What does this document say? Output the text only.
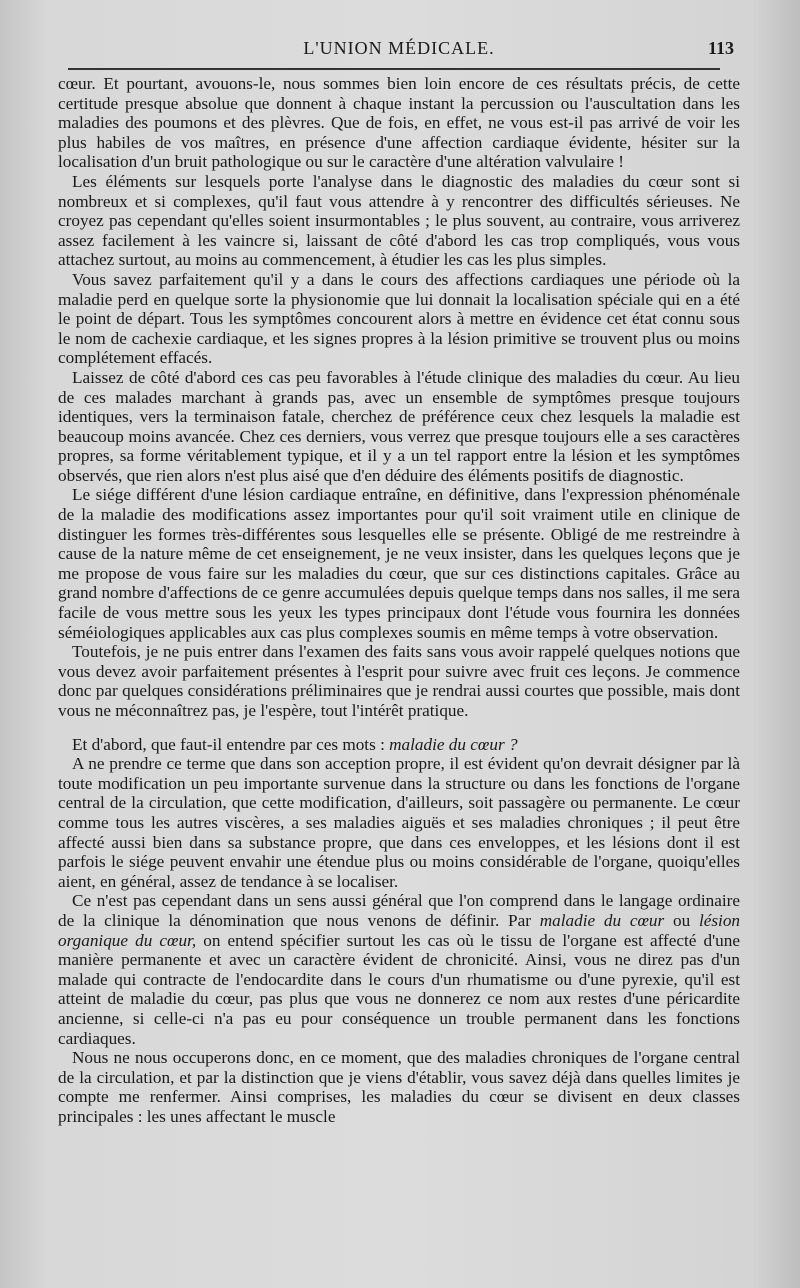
L'UNION MÉDICALE.	113

cœur. Et pourtant, avouons-le, nous sommes bien loin encore de ces résultats précis, de cette certitude presque absolue que donnent à chaque instant la percussion ou l'auscultation dans les maladies des poumons et des plèvres. Que de fois, en effet, ne vous est-il pas arrivé de voir les plus habiles de vos maîtres, en présence d'une affection cardiaque évidente, hésiter sur la localisation d'un bruit pathologique ou sur le caractère d'une altération valvulaire !

Les éléments sur lesquels porte l'analyse dans le diagnostic des maladies du cœur sont si nombreux et si complexes, qu'il faut vous attendre à y rencontrer des difficultés sérieuses. Ne croyez pas cependant qu'elles soient insurmontables ; le plus souvent, au contraire, vous arriverez assez facilement à les vaincre si, laissant de côté d'abord les cas trop compliqués, vous vous attachez surtout, au moins au commencement, à étudier les cas les plus simples.

Vous savez parfaitement qu'il y a dans le cours des affections cardiaques une période où la maladie perd en quelque sorte la physionomie que lui donnait la localisation spéciale qui en a été le point de départ. Tous les symptômes concourent alors à mettre en évidence cet état connu sous le nom de cachexie cardiaque, et les signes propres à la lésion primitive se trouvent plus ou moins complétement effacés.

Laissez de côté d'abord ces cas peu favorables à l'étude clinique des maladies du cœur. Au lieu de ces malades marchant à grands pas, avec un ensemble de symptômes presque toujours identiques, vers la terminaison fatale, cherchez de préférence ceux chez lesquels la maladie est beaucoup moins avancée. Chez ces derniers, vous verrez que presque toujours elle a ses caractères propres, sa forme véritablement typique, et il y a un tel rapport entre la lésion et les symptômes observés, que rien alors n'est plus aisé que d'en déduire des éléments positifs de diagnostic.

Le siége différent d'une lésion cardiaque entraîne, en définitive, dans l'expression phénoménale de la maladie des modifications assez importantes pour qu'il soit vraiment utile en clinique de distinguer les formes très-différentes sous lesquelles elle se présente. Obligé de me restreindre à cause de la nature même de cet enseignement, je ne veux insister, dans les quelques leçons que je me propose de vous faire sur les maladies du cœur, que sur ces distinctions capitales. Grâce au grand nombre d'affections de ce genre accumulées depuis quelque temps dans nos salles, il me sera facile de vous mettre sous les yeux les types principaux dont l'étude vous fournira les données séméiologiques applicables aux cas plus complexes soumis en même temps à votre observation.

Toutefois, je ne puis entrer dans l'examen des faits sans vous avoir rappelé quelques notions que vous devez avoir parfaitement présentes à l'esprit pour suivre avec fruit ces leçons. Je commence donc par quelques considérations préliminaires que je rendrai aussi courtes que possible, mais dont vous ne méconnaîtrez pas, je l'espère, tout l'intérêt pratique.

Et d'abord, que faut-il entendre par ces mots : maladie du cœur ?

A ne prendre ce terme que dans son acception propre, il est évident qu'on devrait désigner par là toute modification un peu importante survenue dans la structure ou dans les fonctions de l'organe central de la circulation, que cette modification, d'ailleurs, soit passagère ou permanente. Le cœur comme tous les autres viscères, a ses maladies aiguës et ses maladies chroniques ; il peut être affecté aussi bien dans sa substance propre, que dans ces enveloppes, et les lésions dont il est parfois le siége peuvent envahir une étendue plus ou moins considérable de l'organe, quoiqu'elles aient, en général, assez de tendance à se localiser.

Ce n'est pas cependant dans un sens aussi général que l'on comprend dans le langage ordinaire de la clinique la dénomination que nous venons de définir. Par maladie du cœur ou lésion organique du cœur, on entend spécifier surtout les cas où le tissu de l'organe est affecté d'une manière permanente et avec un caractère évident de chronicité. Ainsi, vous ne direz pas d'un malade qui contracte de l'endocardite dans le cours d'un rhumatisme ou d'une pyrexie, qu'il est atteint de maladie du cœur, pas plus que vous ne donnerez ce nom aux restes d'une péricardite ancienne, si celle-ci n'a pas eu pour conséquence un trouble permanent dans les fonctions cardiaques.

Nous ne nous occuperons donc, en ce moment, que des maladies chroniques de l'organe central de la circulation, et par la distinction que je viens d'établir, vous savez déjà dans quelles limites je compte me renfermer. Ainsi comprises, les maladies du cœur se divisent en deux classes principales : les unes affectant le muscle
